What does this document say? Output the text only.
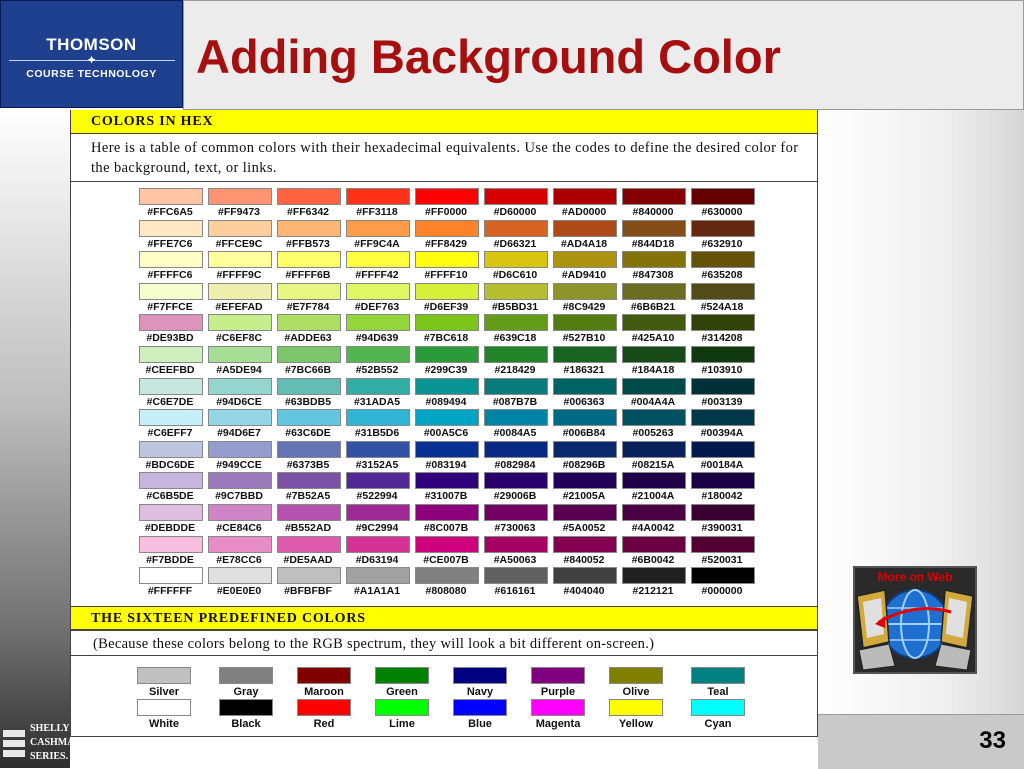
THOMSON
✦
COURSE TECHNOLOGY Adding Background Color
COLORS IN HEX
Here is a table of common colors with their hexadecimal equivalents. Use the codes to define the desired color for the background, text, or links.
#FFC6A5	#FF9473	#FF6342	#FF3118	#FF0000	#D60000	#AD0000	#840000	#630000
#FFE7C6	#FFCE9C	#FFB573	#FF9C4A	#FF8429	#D66321	#AD4A18	#844D18	#632910
#FFFFC6	#FFFF9C	#FFFF6B	#FFFF42	#FFFF10	#D6C610	#AD9410	#847308	#635208
#F7FFCE	#EFEFAD	#E7F784	#DEF763	#D6EF39	#B5BD31	#8C9429	#6B6B21	#524A18
#DE93BD	#C6EF8C	#ADDE63	#94D639	#7BC618	#639C18	#527B10	#425A10	#314208
#CEEFBD	#A5DE94	#7BC66B	#52B552	#299C39	#218429	#186321	#184A18	#103910
#C6E7DE	#94D6CE	#63BDB5	#31ADA5	#089494	#087B7B	#006363	#004A4A	#003139
#C6EFF7	#94D6E7	#63C6DE	#31B5D6	#00A5C6	#0084A5	#006B84	#005263	#00394A
#BDC6DE	#949CCE	#6373B5	#3152A5	#083194	#082984	#08296B	#08215A	#00184A
#C6B5DE	#9C7BBD	#7B52A5	#522994	#31007B	#29006B	#21005A	#21004A	#180042
#DEBDDE	#CE84C6	#B552AD	#9C2994	#8C007B	#730063	#5A0052	#4A0042	#390031
#F7BDDE	#E78CC6	#DE5AAD	#D63194	#CE007B	#A50063	#840052	#6B0042	#520031
#FFFFFF	#E0E0E0	#BFBFBF	#A1A1A1	#808080	#616161	#404040	#212121	#000000
THE SIXTEEN PREDEFINED COLORS
(Because these colors belong to the RGB spectrum, they will look a bit different on-screen.)
Silver	Gray	Maroon	Green	Navy	Purple	Olive	Teal
White	Black	Red	Lime	Blue	Magenta	Yellow	Cyan
More on Web
33
SHELLY
CASHMAN
SERIES.
